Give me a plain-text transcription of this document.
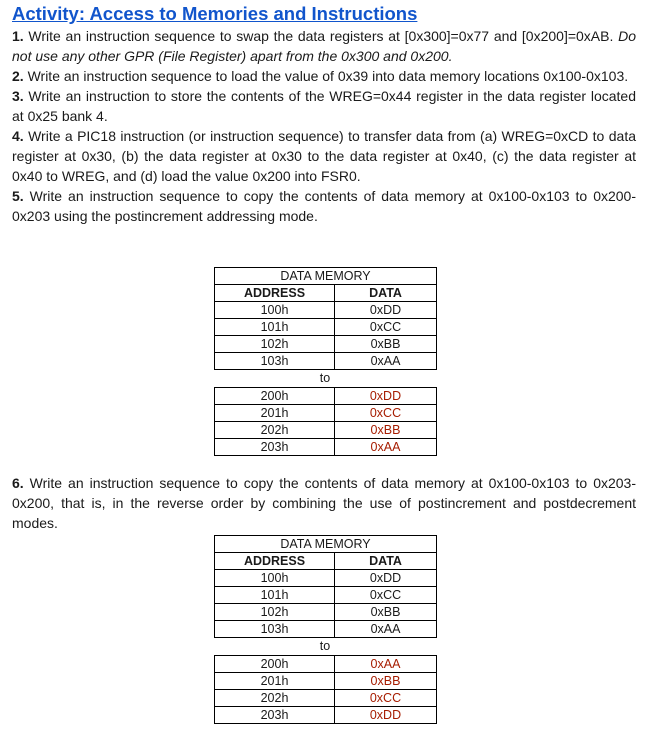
Activity: Access to Memories and Instructions

1. Write an instruction sequence to swap the data registers at [0x300]=0x77 and [0x200]=0xAB. Do not use any other GPR (File Register) apart from the 0x300 and 0x200.

2. Write an instruction sequence to load the value of 0x39 into data memory locations 0x100-0x103.

3. Write an instruction to store the contents of the WREG=0x44 register in the data register located at 0x25 bank 4.

4. Write a PIC18 instruction (or instruction sequence) to transfer data from (a) WREG=0xCD to data register at 0x30, (b) the data register at 0x30 to the data register at 0x40, (c) the data register at 0x40 to WREG, and (d) load the value 0x200 into FSR0.

5. Write an instruction sequence to copy the contents of data memory at 0x100-0x103 to 0x200-0x203 using the postincrement addressing mode.

DATA MEMORY	
ADDRESS	DATA
100h	0xDD
101h	0xCC
102h	0xBB
103h	0xAA
to
200h	0xDD
201h	0xCC
202h	0xBB
203h	0xAA

6. Write an instruction sequence to copy the contents of data memory at 0x100-0x103 to 0x203-0x200, that is, in the reverse order by combining the use of postincrement and postdecrement modes.

DATA MEMORY	
ADDRESS	DATA
100h	0xDD
101h	0xCC
102h	0xBB
103h	0xAA
to
200h	0xAA
201h	0xBB
202h	0xCC
203h	0xDD
